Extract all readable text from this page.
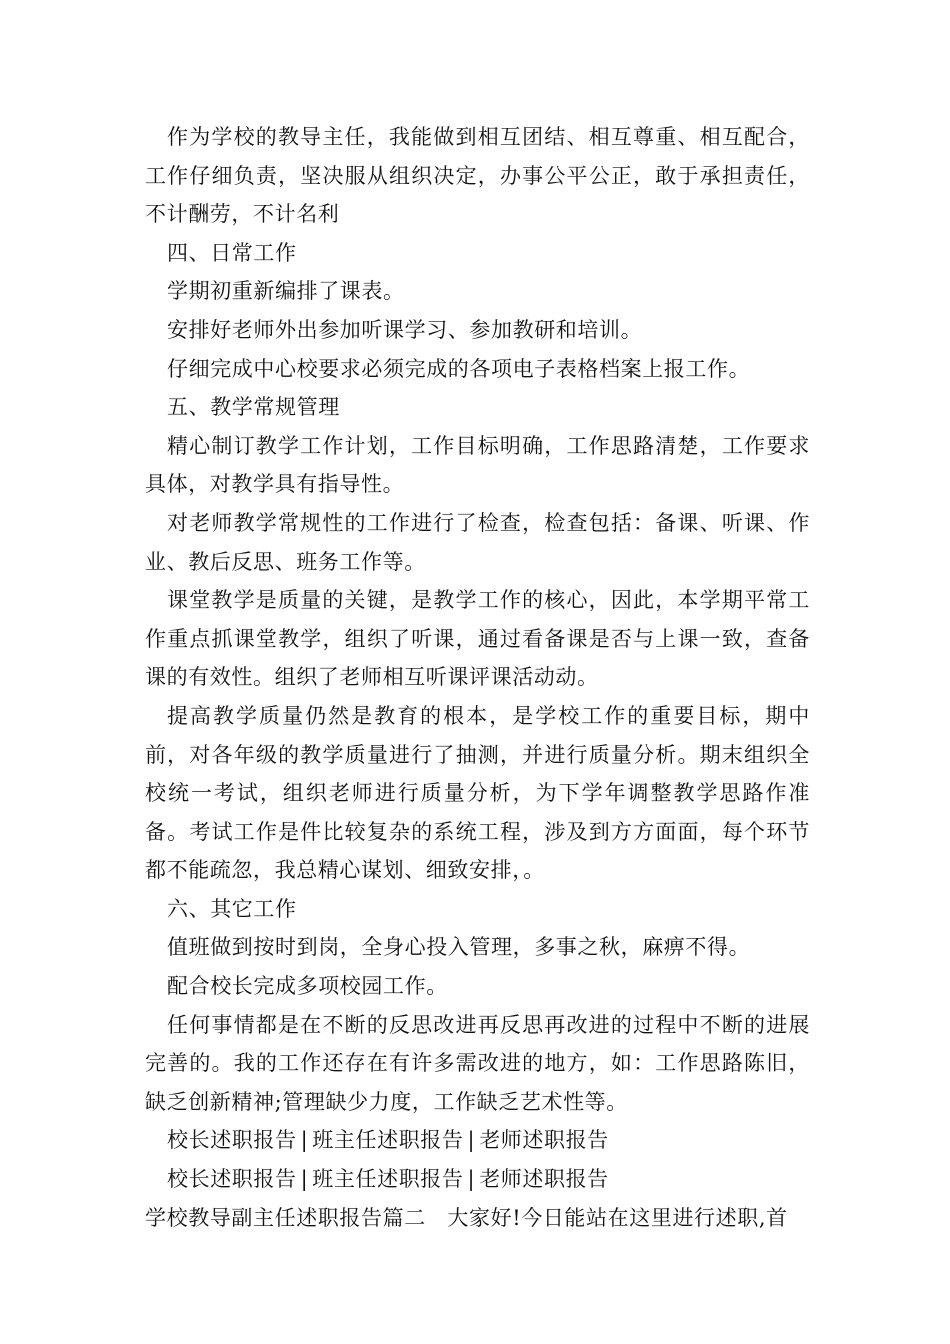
作为学校的教导主任，我能做到相互团结、相互尊重、相互配合，工作仔细负责，坚决服从组织决定，办事公平公正，敢于承担责任，不计酬劳，不计名利

四、日常工作

学期初重新编排了课表。

安排好老师外出参加听课学习、参加教研和培训。

仔细完成中心校要求必须完成的各项电子表格档案上报工作。

五、教学常规管理

精心制订教学工作计划，工作目标明确，工作思路清楚，工作要求具体，对教学具有指导性。

对老师教学常规性的工作进行了检查，检查包括：备课、听课、作业、教后反思、班务工作等。

课堂教学是质量的关键，是教学工作的核心，因此，本学期平常工作重点抓课堂教学，组织了听课，通过看备课是否与上课一致，查备课的有效性。组织了老师相互听课评课活动动。

提高教学质量仍然是教育的根本，是学校工作的重要目标，期中前，对各年级的教学质量进行了抽测，并进行质量分析。期末组织全校统一考试，组织老师进行质量分析，为下学年调整教学思路作准备。考试工作是件比较复杂的系统工程，涉及到方方面面，每个环节都不能疏忽，我总精心谋划、细致安排，。

六、其它工作

值班做到按时到岗，全身心投入管理，多事之秋，麻痹不得。

配合校长完成多项校园工作。

任何事情都是在不断的反思改进再反思再改进的过程中不断的进展完善的。我的工作还存在有许多需改进的地方，如：工作思路陈旧，缺乏创新精神;管理缺少力度，工作缺乏艺术性等。

校长述职报告 | 班主任述职报告 | 老师述职报告

校长述职报告 | 班主任述职报告 | 老师述职报告

学校教导副主任述职报告篇二　大家好!今日能站在这里进行述职,首
